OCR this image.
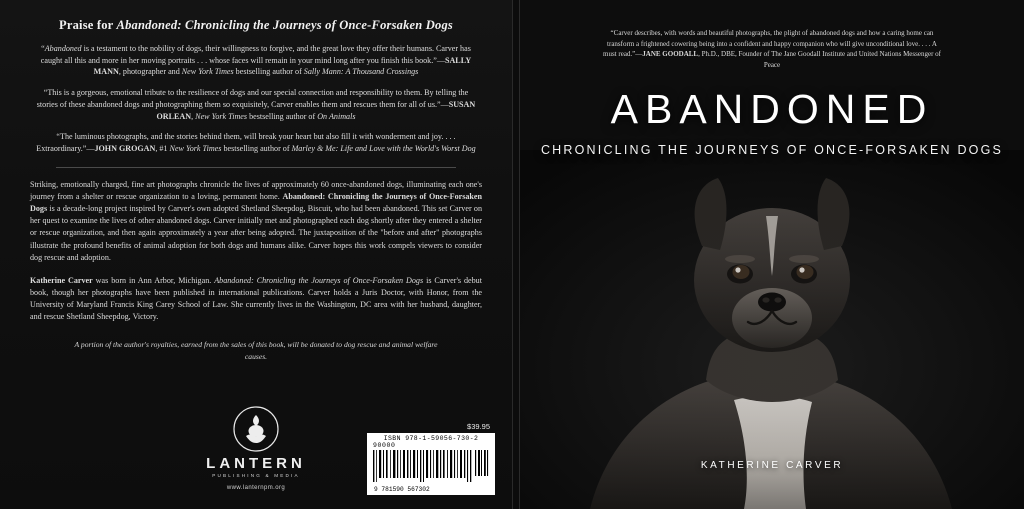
Praise for Abandoned: Chronicling the Journeys of Once-Forsaken Dogs
“Abandoned is a testament to the nobility of dogs, their willingness to forgive, and the great love they offer their humans. Carver has caught all this and more in her moving portraits . . . whose faces will remain in your mind long after you finish this book.”—SALLY MANN, photographer and New York Times bestselling author of Sally Mann: A Thousand Crossings
“This is a gorgeous, emotional tribute to the resilience of dogs and our special connection and responsibility to them. By telling the stories of these abandoned dogs and photographing them so exquisitely, Carver enables them and rescues them for all of us.”—SUSAN ORLEAN, New York Times bestselling author of On Animals
“The luminous photographs, and the stories behind them, will break your heart but also fill it with wonderment and joy. . . . Extraordinary.”—JOHN GROGAN, #1 New York Times bestselling author of Marley & Me: Life and Love with the World's Worst Dog
Striking, emotionally charged, fine art photographs chronicle the lives of approximately 60 once-abandoned dogs, illuminating each one's journey from a shelter or rescue organization to a loving, permanent home. Abandoned: Chronicling the Journeys of Once-Forsaken Dogs is a decade-long project inspired by Carver's own adopted Shetland Sheepdog, Biscuit, who had been abandoned. This set Carver on her quest to examine the lives of other abandoned dogs. Carver initially met and photographed each dog shortly after they entered a shelter or rescue organization, and then again approximately a year after being adopted. The juxtaposition of the "before and after" photographs illustrate the profound benefits of animal adoption for both dogs and humans alike. Carver hopes this work compels viewers to consider dog rescue and adoption.
Katherine Carver was born in Ann Arbor, Michigan. Abandoned: Chronicling the Journeys of Once-Forsaken Dogs is Carver's debut book, though her photographs have been published in international publications. Carver holds a Juris Doctor, with Honor, from the University of Maryland Francis King Carey School of Law. She currently lives in the Washington, DC area with her husband, daughter, and rescue Shetland Sheepdog, Victory.
A portion of the author's royalties, earned from the sales of this book, will be donated to dog rescue and animal welfare causes.
LANTERN
PUBLISHING & MEDIA
www.lanternpm.org
$39.95
ISBN 978-1-59056-730-2
90000
9 781590 567302
“Carver describes, with words and beautiful photographs, the plight of abandoned dogs and how a caring home can transform a frightened cowering being into a confident and happy companion who will give unconditional love. . . . A must read.”—JANE GOODALL, Ph.D., DBE, Founder of The Jane Goodall Institute and United Nations Messenger of Peace
ABANDONED
CHRONICLING THE JOURNEYS OF ONCE-FORSAKEN DOGS
KATHERINE CARVER
